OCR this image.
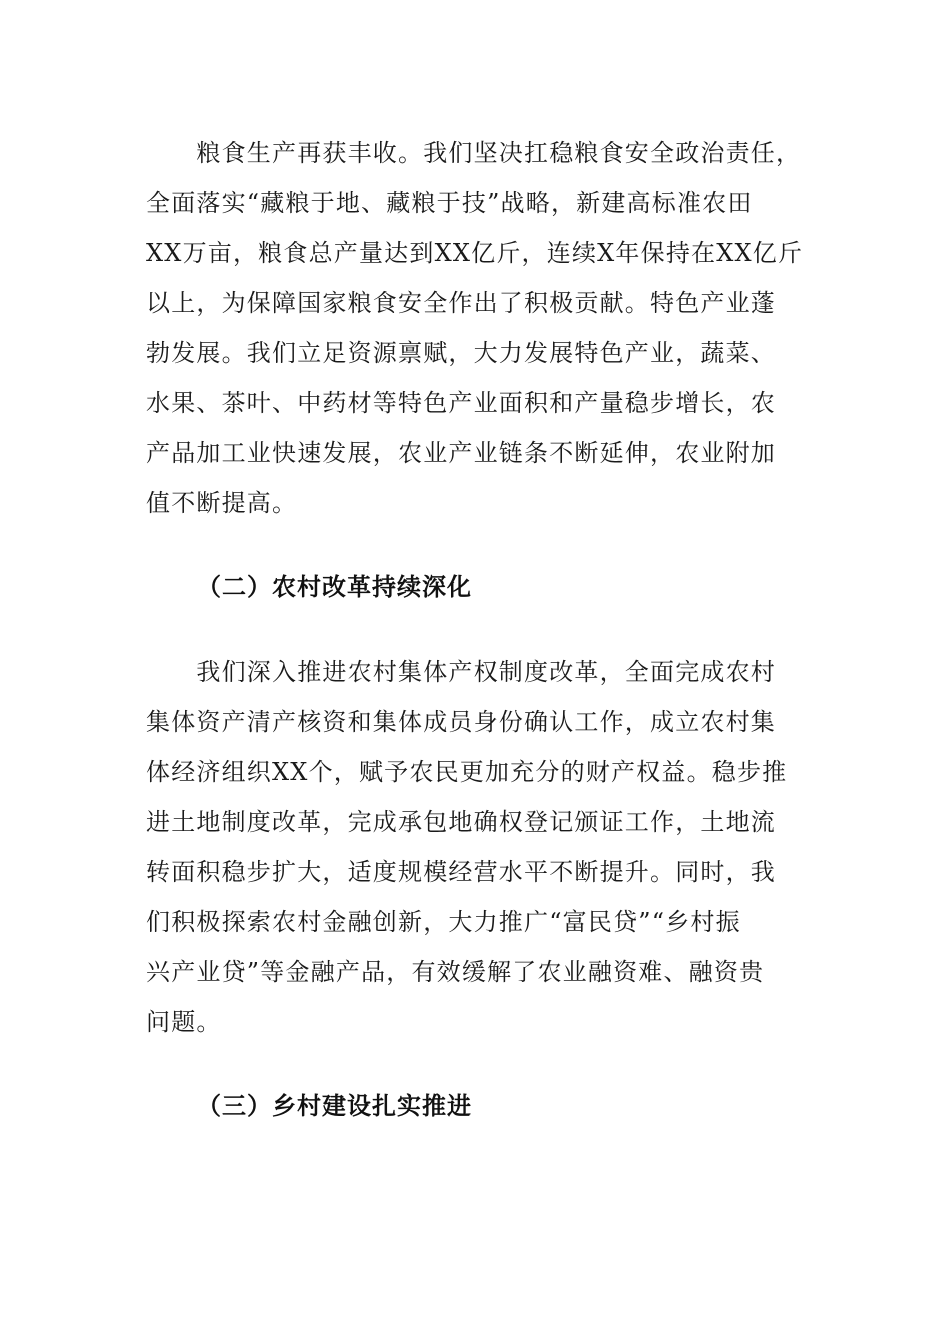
　　粮食生产再获丰收。我们坚决扛稳粮食安全政治责任，
全面落实“藏粮于地、藏粮于技”战略，新建高标准农田
XX万亩，粮食总产量达到XX亿斤，连续X年保持在XX亿斤
以上，为保障国家粮食安全作出了积极贡献。特色产业蓬
勃发展。我们立足资源禀赋，大力发展特色产业，蔬菜、
水果、茶叶、中药材等特色产业面积和产量稳步增长，农
产品加工业快速发展，农业产业链条不断延伸，农业附加
值不断提高。
（二）农村改革持续深化
　　我们深入推进农村集体产权制度改革，全面完成农村
集体资产清产核资和集体成员身份确认工作，成立农村集
体经济组织XX个，赋予农民更加充分的财产权益。稳步推
进土地制度改革，完成承包地确权登记颁证工作，土地流
转面积稳步扩大，适度规模经营水平不断提升。同时，我
们积极探索农村金融创新，大力推广“富民贷”“乡村振
兴产业贷”等金融产品，有效缓解了农业融资难、融资贵
问题。
（三）乡村建设扎实推进
